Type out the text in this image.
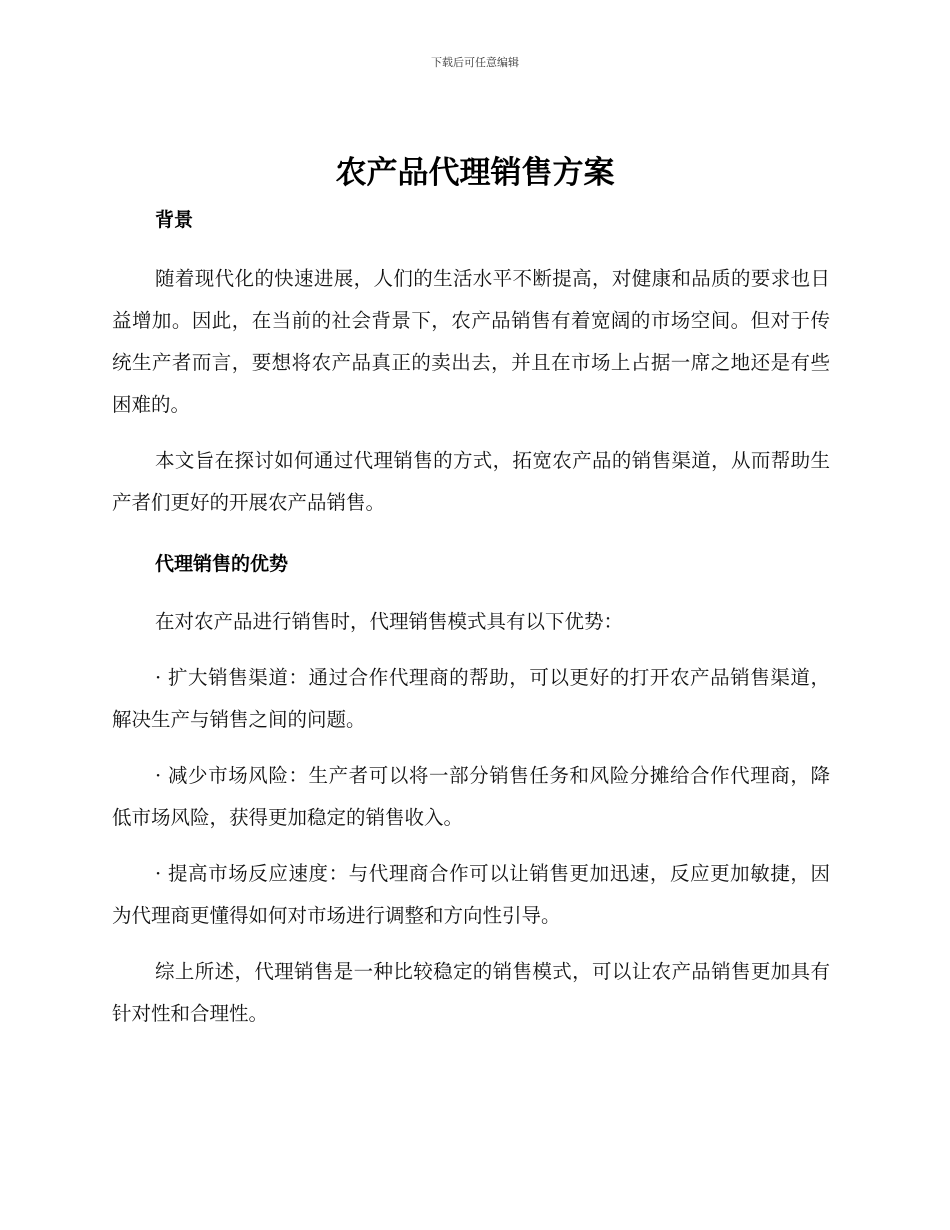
下载后可任意编辑
农产品代理销售方案
背景

随着现代化的快速进展，人们的生活水平不断提高，对健康和品质的要求也日益增加。因此，在当前的社会背景下，农产品销售有着宽阔的市场空间。但对于传统生产者而言，要想将农产品真正的卖出去，并且在市场上占据一席之地还是有些困难的。

本文旨在探讨如何通过代理销售的方式，拓宽农产品的销售渠道，从而帮助生产者们更好的开展农产品销售。

代理销售的优势

在对农产品进行销售时，代理销售模式具有以下优势：

· 扩大销售渠道：通过合作代理商的帮助，可以更好的打开农产品销售渠道，解决生产与销售之间的问题。

· 减少市场风险：生产者可以将一部分销售任务和风险分摊给合作代理商，降低市场风险，获得更加稳定的销售收入。

· 提高市场反应速度：与代理商合作可以让销售更加迅速，反应更加敏捷，因为代理商更懂得如何对市场进行调整和方向性引导。

综上所述，代理销售是一种比较稳定的销售模式，可以让农产品销售更加具有针对性和合理性。
